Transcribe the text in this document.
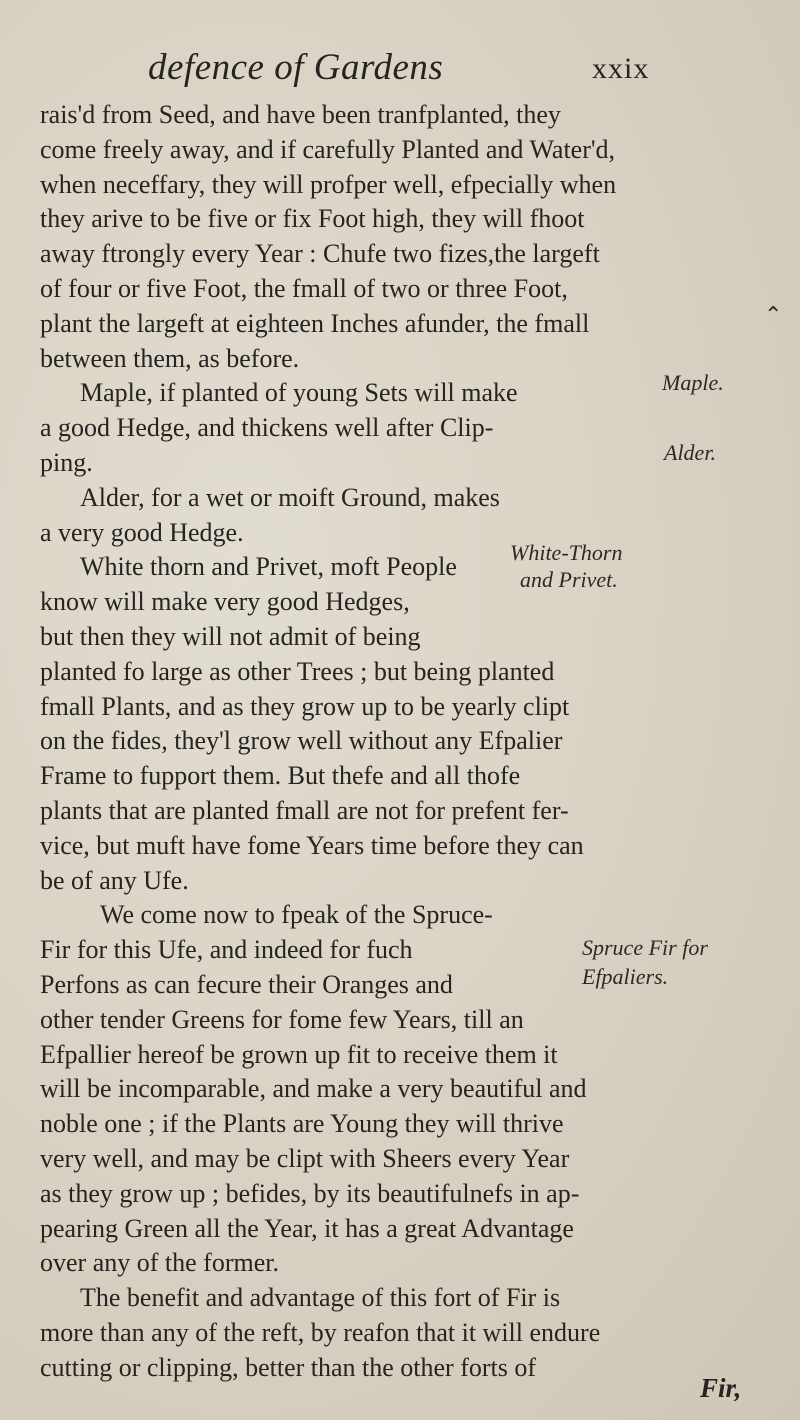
defence of Gardens	xxix
rais'd from Seed, and have been tranfplanted, they
come freely away, and if carefully Planted and Water'd,
when neceffary, they will profper well, efpecially when
they arive to be five or fix Foot high, they will fhoot
away ftrongly every Year : Chufe two fizes,the largeft
of four or five Foot, the fmall of two or three Foot,
plant the largeft at eighteen Inches afunder, the fmall
between them, as before.
Maple, if planted of young Sets will make
a good Hedge, and thickens well after Clip-
ping.
Alder, for a wet or moift Ground, makes
a very good Hedge.
White thorn and Privet, moft People
know will make very good Hedges,
but then they will not admit of being
planted fo large as other Trees ; but being planted
fmall Plants, and as they grow up to be yearly clipt
on the fides, they'l grow well without any Efpalier
Frame to fupport them. But thefe and all thofe
plants that are planted fmall are not for prefent fer-
vice, but muft have fome Years time before they can
be of any Ufe.
We come now to fpeak of the Spruce-
Fir for this Ufe, and indeed for fuch
Perfons as can fecure their Oranges and
other tender Greens for fome few Years, till an
Efpallier hereof be grown up fit to receive them it
will be incomparable, and make a very beautiful and
noble one ; if the Plants are Young they will thrive
very well, and may be clipt with Sheers every Year
as they grow up ; befides, by its beautifulnefs in ap-
pearing Green all the Year, it has a great Advantage
over any of the former.
The benefit and advantage of this fort of Fir is
more than any of the reft, by reafon that it will endure
cutting or clipping, better than the other forts of
Maple.
Alder.
White-Thorn
and Privet.
Spruce Fir for
Efpaliers.
⌃
Fir,
